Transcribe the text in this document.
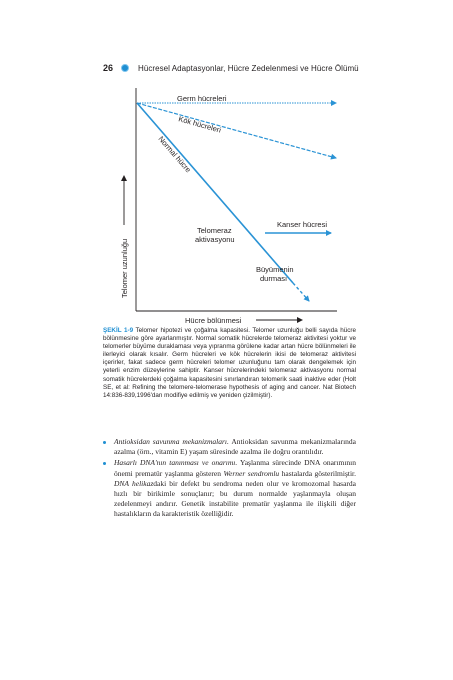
26	Hücresel Adaptasyonlar, Hücre Zedelenmesi ve Hücre Ölümü
Telomer uzunluğu
Hücre bölünmesi
Germ hücreleri
Kök hücreleri
Normal hücre
Telomeraz
aktivasyonu
Kanser hücresi
Büyümenin
durması
ŞEKİL 1-9 Telomer hipotezi ve çoğalma kapasitesi. Telomer uzunluğu belli sayıda hücre bölünmesine göre ayarlanmıştır. Normal somatik hücrelerde telomeraz aktivitesi yoktur ve telomerler büyüme duraklaması veya yıpranma görülene kadar artan hücre bölünmeleri ile ilerleyici olarak kısalır. Germ hücreleri ve kök hücrelerin ikisi de telomeraz aktivitesi içerirler, fakat sadece germ hücreleri telomer uzunluğunu tam olarak dengelemek için yeterli enzim düzeylerine sahiptir. Kanser hücrelerindeki telomeraz aktivasyonu normal somatik hücrelerdeki çoğalma kapasitesini sınırlandıran telomerik saati inaktive eder (Holt SE, et al: Refining the telomere-telomerase hypothesis of aging and cancer. Nat Biotech 14:836-839,1996'dan modifiye edilmiş ve yeniden çizilmiştir).
Antioksidan savunma mekanizmaları. Antioksidan savunma mekanizmalarında azalma (örn., vitamin E) yaşam süresinde azalma ile doğru orantılıdır.
Hasarlı DNA'nın tanınması ve onarımı. Yaşlanma sürecinde DNA onarımının önemi prematür yaşlanma gösteren Werner sendromlu hastalarda gösterilmiştir. DNA helikazdaki bir defekt bu sendroma neden olur ve kromozomal hasarda hızlı bir birikimle sonuçlanır; bu durum normalde yaşlanmayla oluşan zedelenmeyi andırır. Genetik instabilite prematür yaşlanma ile ilişkili diğer hastalıkların da karakteristik özelliğidir.
